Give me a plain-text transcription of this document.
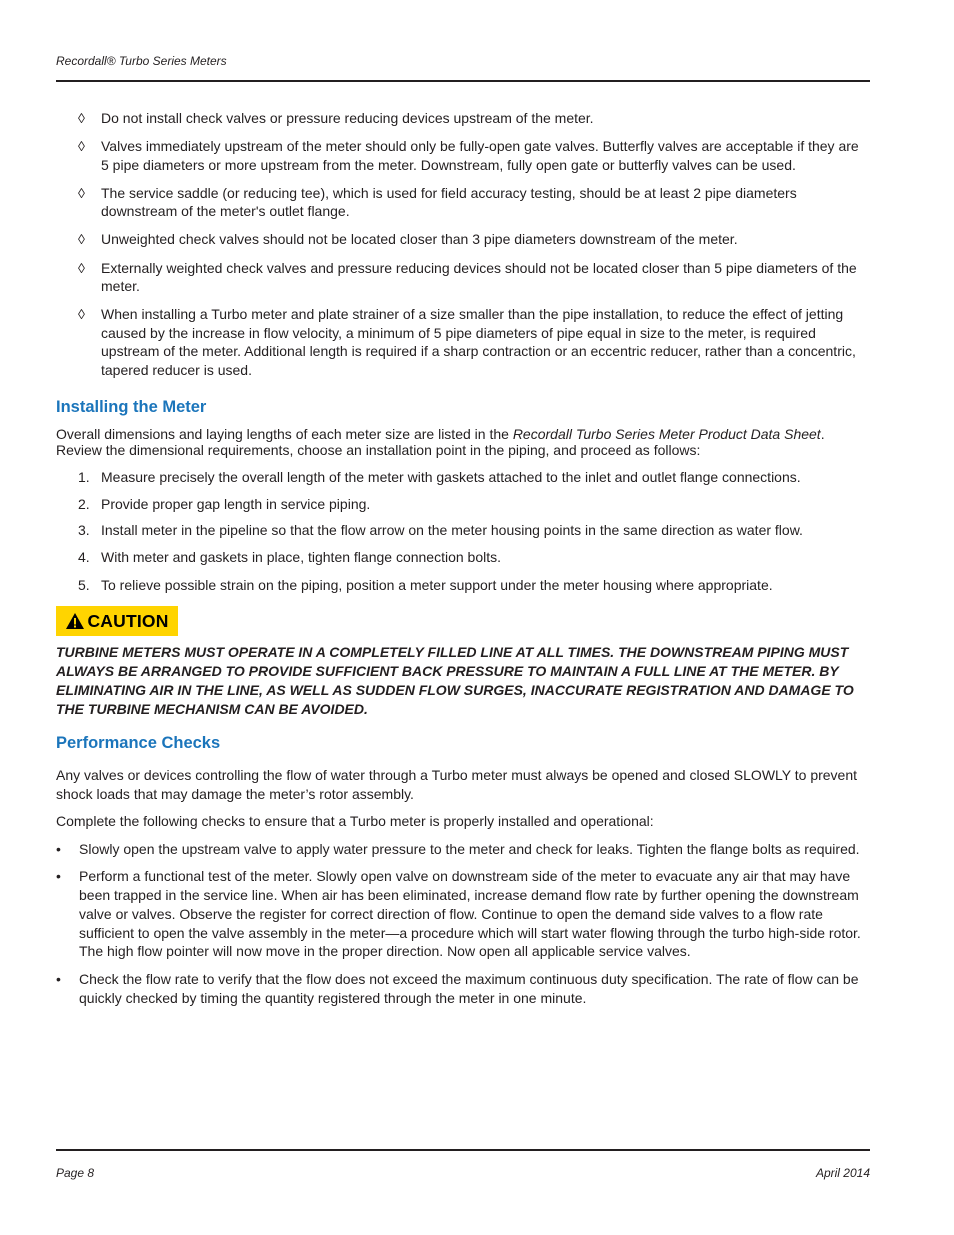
Recordall® Turbo Series Meters
◊ Do not install check valves or pressure reducing devices upstream of the meter.
◊ Valves immediately upstream of the meter should only be fully-open gate valves. Butterfly valves are acceptable if they are 5 pipe diameters or more upstream from the meter. Downstream, fully open gate or butterfly valves can be used.
◊ The service saddle (or reducing tee), which is used for field accuracy testing, should be at least 2 pipe diameters downstream of the meter's outlet flange.
◊ Unweighted check valves should not be located closer than 3 pipe diameters downstream of the meter.
◊ Externally weighted check valves and pressure reducing devices should not be located closer than 5 pipe diameters of the meter.
◊ When installing a Turbo meter and plate strainer of a size smaller than the pipe installation, to reduce the effect of jetting caused by the increase in flow velocity, a minimum of 5 pipe diameters of pipe equal in size to the meter, is required upstream of the meter. Additional length is required if a sharp contraction or an eccentric reducer, rather than a concentric, tapered reducer is used.
Installing the Meter

Overall dimensions and laying lengths of each meter size are listed in the Recordall Turbo Series Meter Product Data Sheet. Review the dimensional requirements, choose an installation point in the piping, and proceed as follows:

1. Measure precisely the overall length of the meter with gaskets attached to the inlet and outlet flange connections.
2. Provide proper gap length in service piping.
3. Install meter in the pipeline so that the flow arrow on the meter housing points in the same direction as water flow.
4. With meter and gaskets in place, tighten flange connection bolts.
5. To relieve possible strain on the piping, position a meter support under the meter housing where appropriate.
CAUTION

TURBINE METERS MUST OPERATE IN A COMPLETELY FILLED LINE AT ALL TIMES. THE DOWNSTREAM PIPING MUST ALWAYS BE ARRANGED TO PROVIDE SUFFICIENT BACK PRESSURE TO MAINTAIN A FULL LINE AT THE METER. BY ELIMINATING AIR IN THE LINE, AS WELL AS SUDDEN FLOW SURGES, INACCURATE REGISTRATION AND DAMAGE TO THE TURBINE MECHANISM CAN BE AVOIDED.

Performance Checks

Any valves or devices controlling the flow of water through a Turbo meter must always be opened and closed SLOWLY to prevent shock loads that may damage the meter’s rotor assembly.

Complete the following checks to ensure that a Turbo meter is properly installed and operational:

• Slowly open the upstream valve to apply water pressure to the meter and check for leaks. Tighten the flange bolts as required.
• Perform a functional test of the meter. Slowly open valve on downstream side of the meter to evacuate any air that may have been trapped in the service line. When air has been eliminated, increase demand flow rate by further opening the downstream valve or valves. Observe the register for correct direction of flow. Continue to open the demand side valves to a flow rate sufficient to open the valve assembly in the meter—a procedure which will start water flowing through the turbo high-side rotor. The high flow pointer will now move in the proper direction. Now open all applicable service valves.
• Check the flow rate to verify that the flow does not exceed the maximum continuous duty specification. The rate of flow can be quickly checked by timing the quantity registered through the meter in one minute.
Page 8	April 2014
